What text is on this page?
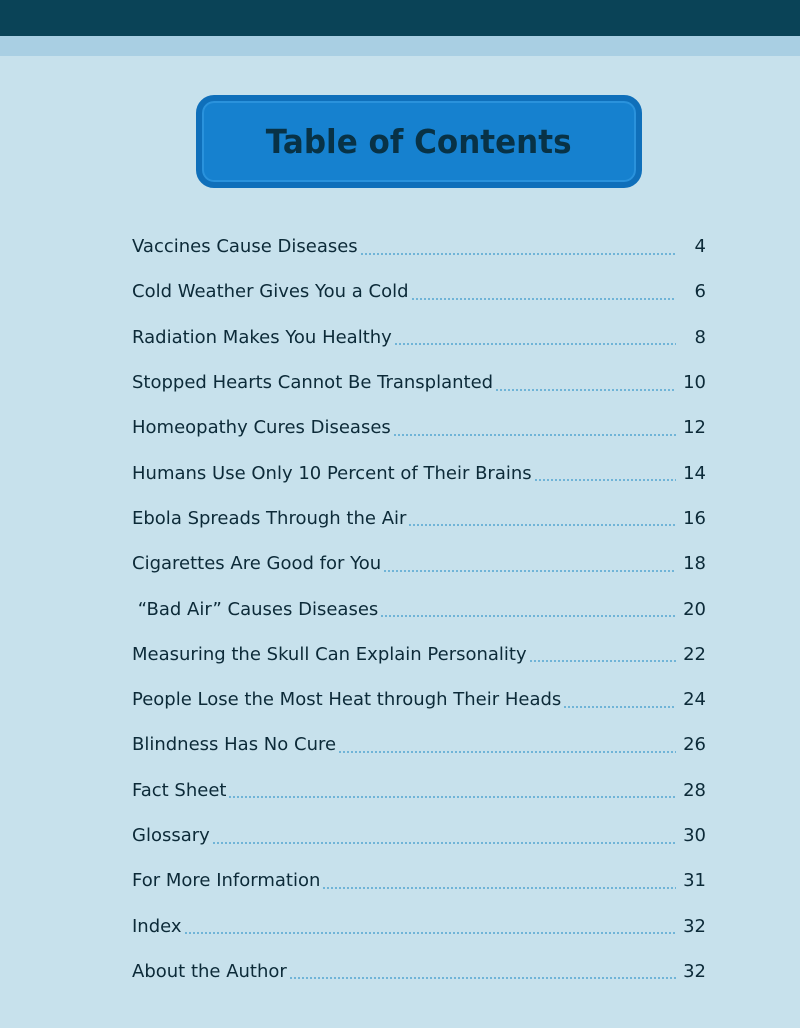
Table of Contents
Vaccines Cause Diseases	4
Cold Weather Gives You a Cold	6
Radiation Makes You Healthy	8
Stopped Hearts Cannot Be Transplanted	10
Homeopathy Cures Diseases	12
Humans Use Only 10 Percent of Their Brains	14
Ebola Spreads Through the Air	16
Cigarettes Are Good for You	18
“Bad Air” Causes Diseases	20
Measuring the Skull Can Explain Personality	22
People Lose the Most Heat through Their Heads	24
Blindness Has No Cure	26
Fact Sheet	28
Glossary	30
For More Information	31
Index	32
About the Author	32
